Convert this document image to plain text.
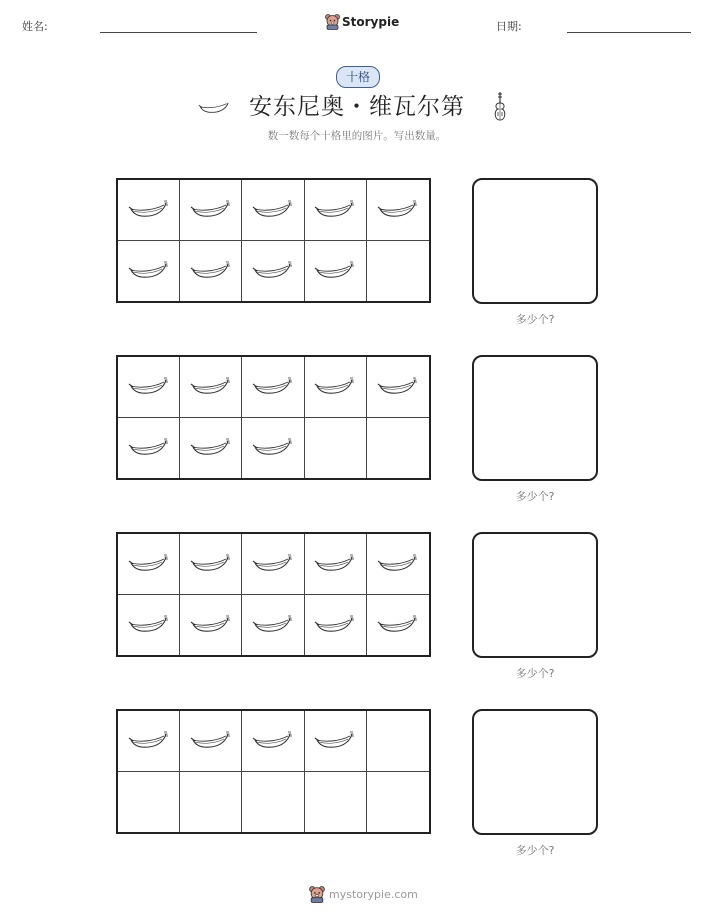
姓名:	Storypie	日期:
十格
安东尼奥・维瓦尔第
数一数每个十格里的图片。写出数量。
多少个?
多少个?
多少个?
多少个?
mystorypie.com
